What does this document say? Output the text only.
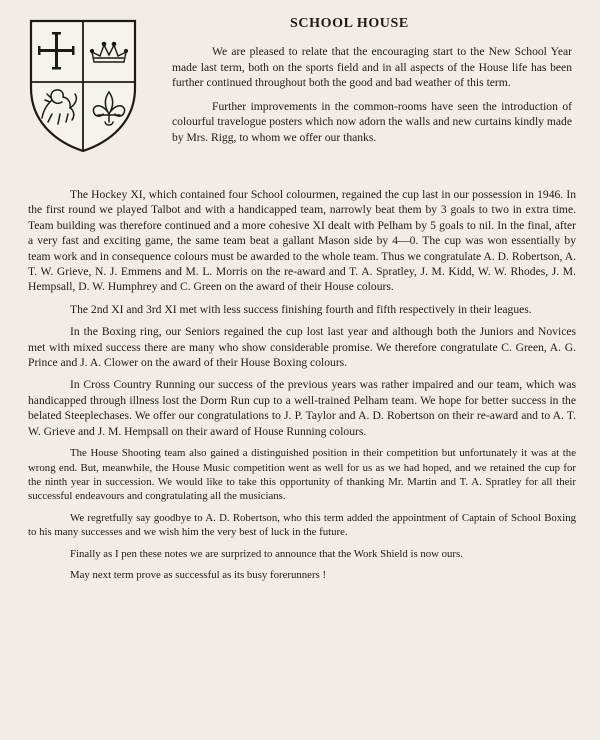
SCHOOL HOUSE

We are pleased to relate that the encouraging start to the New School Year made last term, both on the sports field and in all aspects of the House life has been further continued throughout both the good and bad weather of this term.

Further improvements in the common-rooms have seen the introduction of colourful travelogue posters which now adorn the walls and new curtains kindly made by Mrs. Rigg, to whom we offer our thanks.

The Hockey XI, which contained four School colourmen, regained the cup last in our possession in 1946. In the first round we played Talbot and with a handicapped team, narrowly beat them by 3 goals to two in extra time. Team building was therefore continued and a more cohesive XI dealt with Pelham by 5 goals to nil. In the final, after a very fast and exciting game, the same team beat a gallant Mason side by 4—0. The cup was won essentially by team work and in consequence colours must be awarded to the whole team. Thus we congratulate A. D. Robertson, A. T. W. Grieve, N. J. Emmens and M. L. Morris on the re-award and T. A. Spratley, J. M. Kidd, W. W. Rhodes, J. M. Hempsall, D. W. Humphrey and C. Green on the award of their House colours.

The 2nd XI and 3rd XI met with less success finishing fourth and fifth respectively in their leagues.

In the Boxing ring, our Seniors regained the cup lost last year and although both the Juniors and Novices met with mixed success there are many who show considerable promise. We therefore congratulate C. Green, A. G. Prince and J. A. Clower on the award of their House Boxing colours.

In Cross Country Running our success of the previous years was rather impaired and our team, which was handicapped through illness lost the Dorm Run cup to a well-trained Pelham team. We hope for better success in the belated Steeplechases. We offer our congratulations to J. P. Taylor and A. D. Robertson on their re-award and to A. T. W. Grieve and J. M. Hempsall on their award of House Running colours.

The House Shooting team also gained a distinguished position in their competition but unfortunately it was at the wrong end. But, meanwhile, the House Music competition went as well for us as we had hoped, and we retained the cup for the ninth year in succession. We would like to take this opportunity of thanking Mr. Martin and T. A. Spratley for all their successful endeavours and congratulating all the musicians.

We regretfully say goodbye to A. D. Robertson, who this term added the appointment of Captain of School Boxing to his many successes and we wish him the very best of luck in the future.

Finally as I pen these notes we are surprized to announce that the Work Shield is now ours.

May next term prove as successful as its busy forerunners !
